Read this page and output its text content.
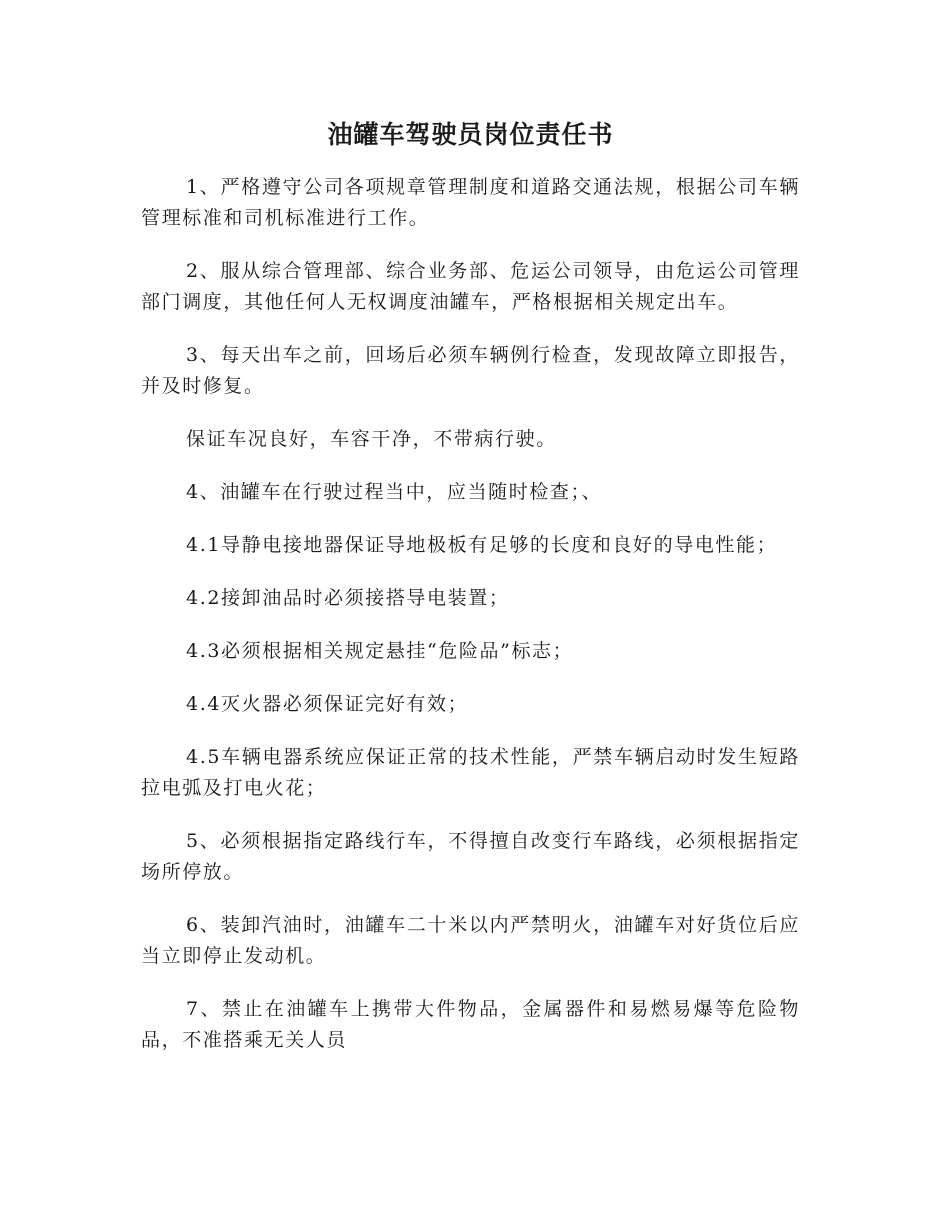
油罐车驾驶员岗位责任书

1、严格遵守公司各项规章管理制度和道路交通法规，根据公司车辆管理标准和司机标准进行工作。

2、服从综合管理部、综合业务部、危运公司领导，由危运公司管理部门调度，其他任何人无权调度油罐车，严格根据相关规定出车。

3、每天出车之前，回场后必须车辆例行检查，发现故障立即报告，并及时修复。

保证车况良好，车容干净，不带病行驶。

4、油罐车在行驶过程当中，应当随时检查；、

4.1导静电接地器保证导地极板有足够的长度和良好的导电性能；

4.2接卸油品时必须接搭导电装置；

4.3必须根据相关规定悬挂“危险品”标志；

4.4灭火器必须保证完好有效；

4.5车辆电器系统应保证正常的技术性能，严禁车辆启动时发生短路拉电弧及打电火花；

5、必须根据指定路线行车，不得擅自改变行车路线，必须根据指定场所停放。

6、装卸汽油时，油罐车二十米以内严禁明火，油罐车对好货位后应当立即停止发动机。

7、禁止在油罐车上携带大件物品，金属器件和易燃易爆等危险物品，不准搭乘无关人员
